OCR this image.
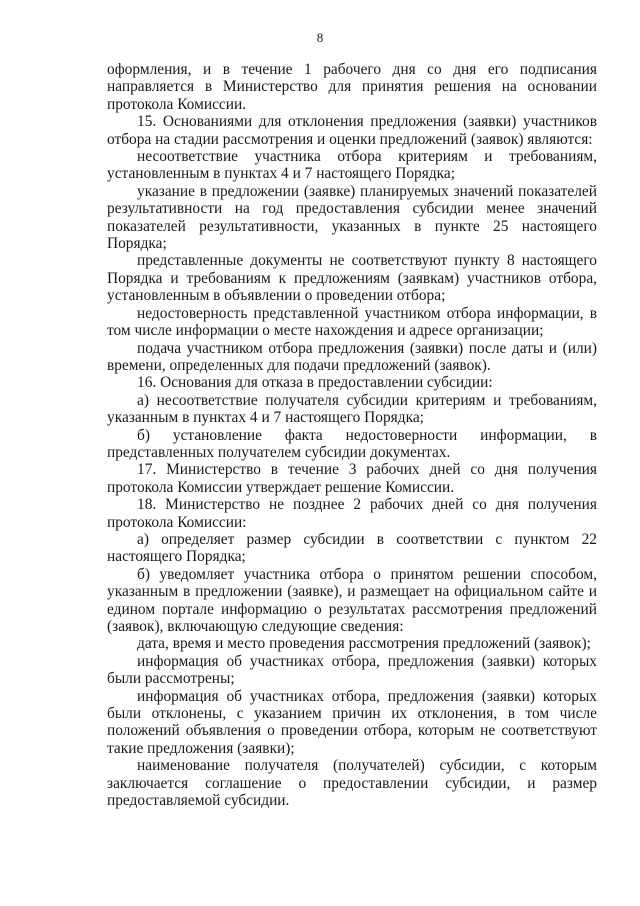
8

оформления, и в течение 1 рабочего дня со дня его подписания направляется в Министерство для принятия решения на основании протокола Комиссии.

15. Основаниями для отклонения предложения (заявки) участников отбора на стадии рассмотрения и оценки предложений (заявок) являются:

несоответствие участника отбора критериям и требованиям, установленным в пунктах 4 и 7 настоящего Порядка;

указание в предложении (заявке) планируемых значений показателей результативности на год предоставления субсидии менее значений показателей результативности, указанных в пункте 25 настоящего Порядка;

представленные документы не соответствуют пункту 8 настоящего Порядка и требованиям к предложениям (заявкам) участников отбора, установленным в объявлении о проведении отбора;

недостоверность представленной участником отбора информации, в том числе информации о месте нахождения и адресе организации;

подача участником отбора предложения (заявки) после даты и (или) времени, определенных для подачи предложений (заявок).

16. Основания для отказа в предоставлении субсидии:

а) несоответствие получателя субсидии критериям и требованиям, указанным в пунктах 4 и 7 настоящего Порядка;

б) установление факта недостоверности информации, в представленных получателем субсидии документах.

17. Министерство в течение 3 рабочих дней со дня получения протокола Комиссии утверждает решение Комиссии.

18. Министерство не позднее 2 рабочих дней со дня получения протокола Комиссии:

а) определяет размер субсидии в соответствии с пунктом 22 настоящего Порядка;

б) уведомляет участника отбора о принятом решении способом, указанным в предложении (заявке), и размещает на официальном сайте и едином портале информацию о результатах рассмотрения предложений (заявок), включающую следующие сведения:

дата, время и место проведения рассмотрения предложений (заявок);

информация об участниках отбора, предложения (заявки) которых были рассмотрены;

информация об участниках отбора, предложения (заявки) которых были отклонены, с указанием причин их отклонения, в том числе положений объявления о проведении отбора, которым не соответствуют такие предложения (заявки);

наименование получателя (получателей) субсидии, с которым заключается соглашение о предоставлении субсидии, и размер предоставляемой субсидии.
